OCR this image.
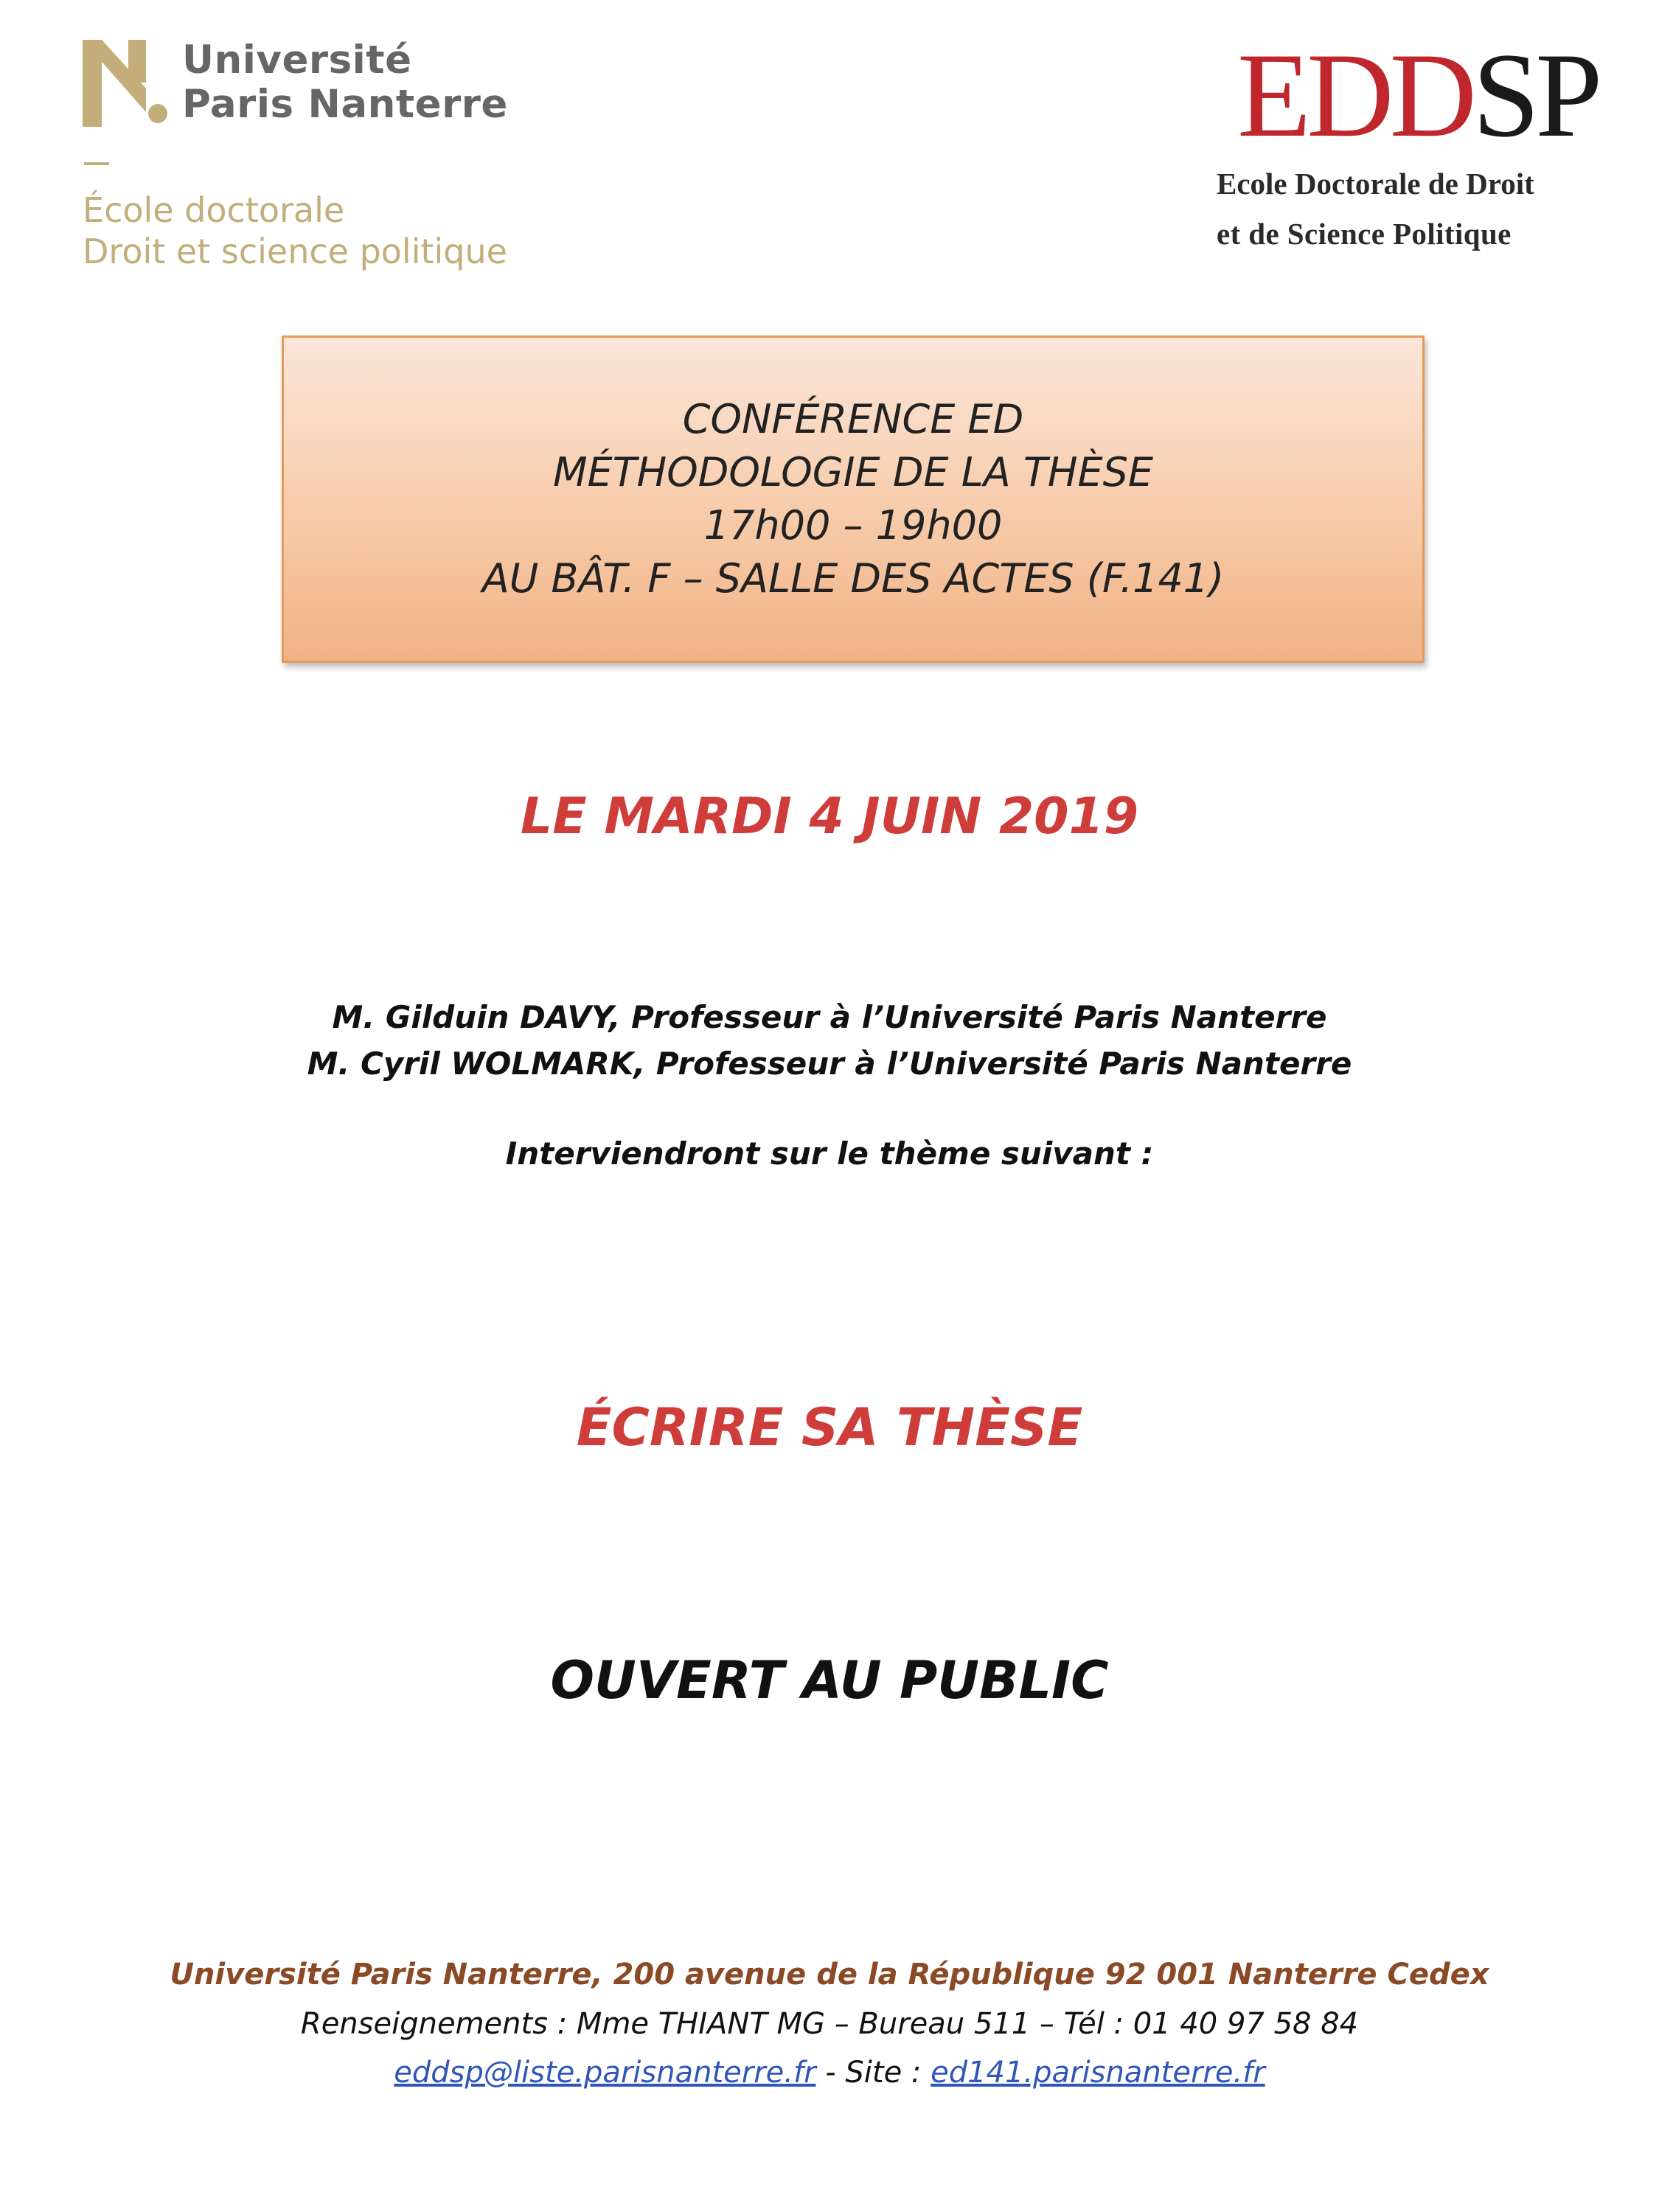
Université
Paris Nanterre
École doctorale
Droit et science politique
EDDSP
Ecole Doctorale de Droit
et de Science Politique
CONFÉRENCE ED
MÉTHODOLOGIE DE LA THÈSE
17h00 – 19h00
AU BÂT. F – SALLE DES ACTES (F.141)
LE MARDI 4 JUIN 2019
M. Gilduin DAVY, Professeur à l’Université Paris Nanterre
M. Cyril WOLMARK, Professeur à l’Université Paris Nanterre
Interviendront sur le thème suivant :
ÉCRIRE SA THÈSE
OUVERT AU PUBLIC
Université Paris Nanterre, 200 avenue de la République 92 001 Nanterre Cedex
Renseignements : Mme THIANT MG – Bureau 511 – Tél : 01 40 97 58 84
eddsp@liste.parisnanterre.fr - Site : ed141.parisnanterre.fr
